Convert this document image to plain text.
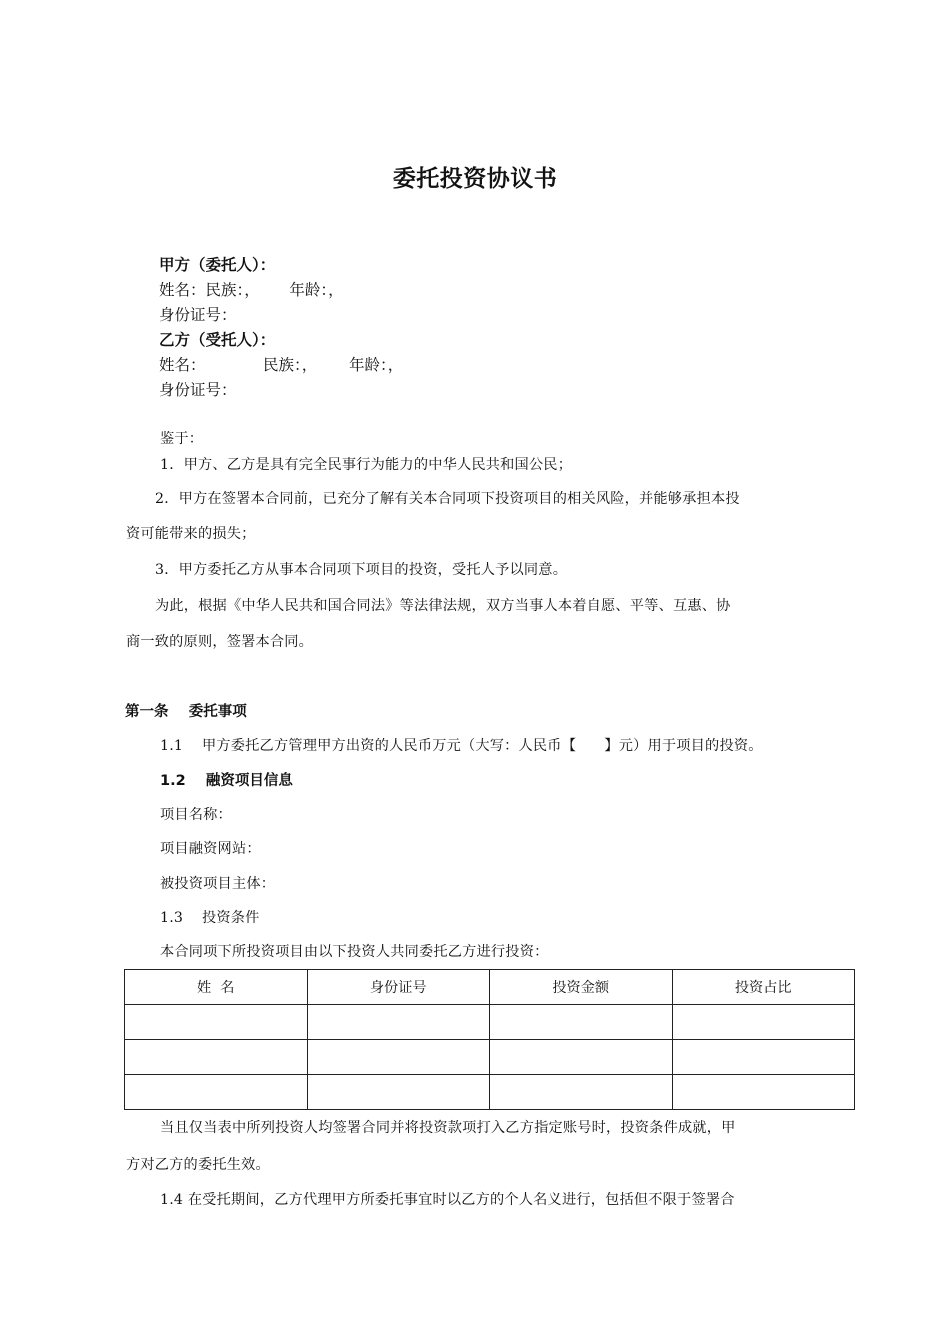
委托投资协议书
甲方（委托人）：
姓名：民族：，      年龄：，
身份证号：
乙方（受托人）：
姓名：	民族：， 年龄：，
身份证号：
鉴于：
1．甲方、乙方是具有完全民事行为能力的中华人民共和国公民；
2．甲方在签署本合同前，已充分了解有关本合同项下投资项目的相关风险，并能够承担本投
资可能带来的损失；
3．甲方委托乙方从事本合同项下项目的投资，受托人予以同意。
为此，根据《中华人民共和国合同法》等法律法规，双方当事人本着自愿、平等、互惠、协
商一致的原则，签署本合同。
第一条    委托事项
1.1    甲方委托乙方管理甲方出资的人民币万元（大写：人民币【      】元）用于项目的投资。
1.2    融资项目信息
项目名称：
项目融资网站：
被投资项目主体：
1.3    投资条件
本合同项下所投资项目由以下投资人共同委托乙方进行投资：
姓  名	身份证号	投资金额	投资占比

当且仅当表中所列投资人均签署合同并将投资款项打入乙方指定账号时，投资条件成就，甲
方对乙方的委托生效。
1.4 在受托期间，乙方代理甲方所委托事宜时以乙方的个人名义进行，包括但不限于签署合
